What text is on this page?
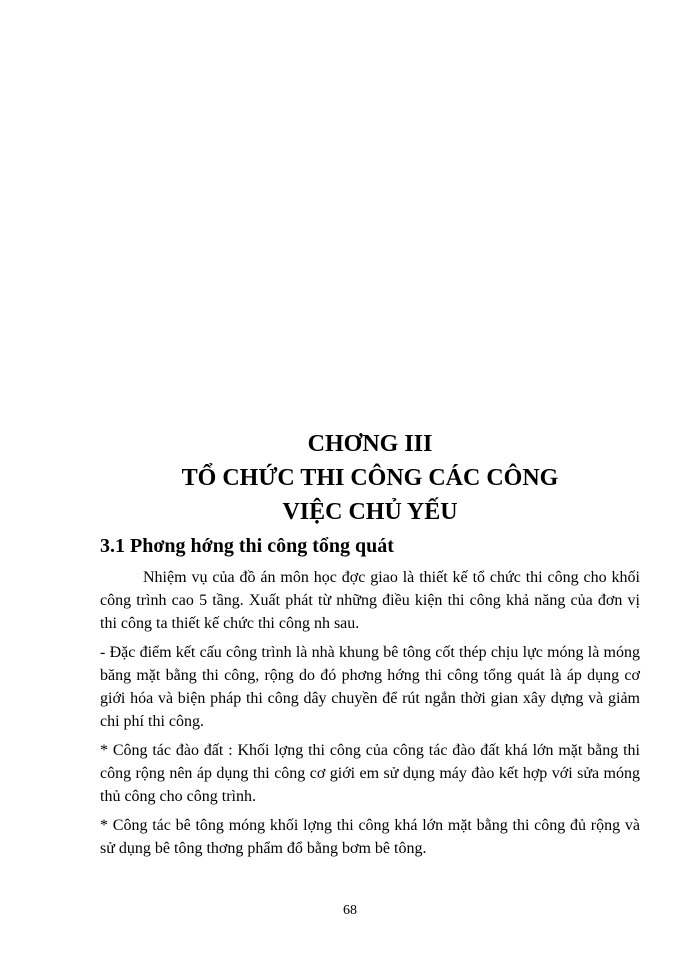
CHƠNG III
TỔ CHỨC THI CÔNG CÁC CÔNG
VIỆC CHỦ YẾU
3.1 Phơng hớng thi công tổng quát

Nhiệm vụ của đồ án môn học đợc giao là thiết kế tổ chức thi công cho khối công trình cao 5 tầng. Xuất phát từ những điều kiện thi công khả năng của đơn vị thi công ta thiết kế chức thi công nh sau.

- Đặc điểm kết cấu công trình là nhà khung bê tông cốt thép chịu lực móng là móng băng mặt bằng thi công, rộng do đó phơng hớng thi công tổng quát là áp dụng cơ giới hóa và biện pháp thi công dây chuyền để rút ngắn thời gian xây dựng và giảm chi phí thi công.

* Công tác đào đất : Khối lợng thi công của công tác đào đất khá lớn mặt bằng thi công rộng nên áp dụng thi công cơ giới em sử dụng máy đào kết hợp với sửa móng thủ công cho công trình.

* Công tác bê tông móng khối lợng thi công khá lớn mặt bằng thi công đủ rộng và sử dụng bê tông thơng phẩm đổ bằng bơm bê tông.

68
